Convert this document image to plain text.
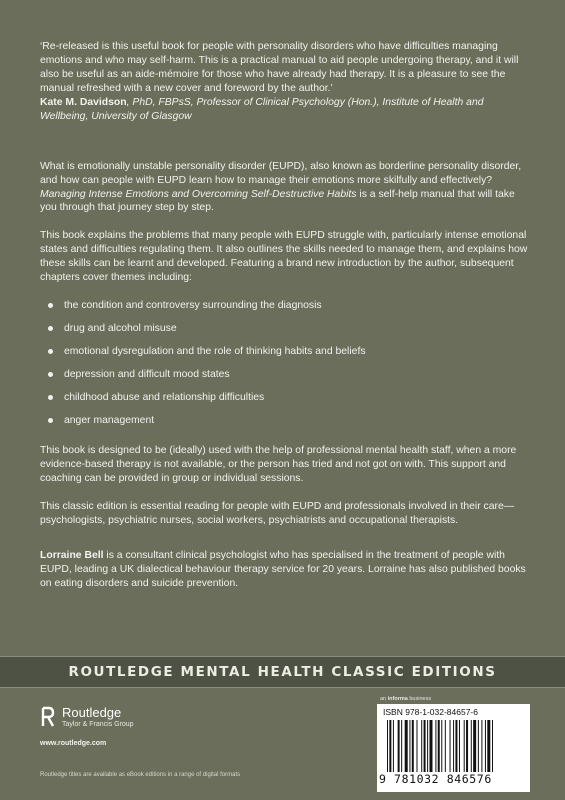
‘Re-released is this useful book for people with personality disorders who have difficulties managing emotions and who may self-harm. This is a practical manual to aid people undergoing therapy, and it will also be useful as an aide-mémoire for those who have already had therapy. It is a pleasure to see the manual refreshed with a new cover and foreword by the author.’

Kate M. Davidson, PhD, FBPsS, Professor of Clinical Psychology (Hon.), Institute of Health and Wellbeing, University of Glasgow

What is emotionally unstable personality disorder (EUPD), also known as borderline personality disorder, and how can people with EUPD learn how to manage their emotions more skilfully and effectively? Managing Intense Emotions and Overcoming Self-Destructive Habits is a self-help manual that will take you through that journey step by step.

This book explains the problems that many people with EUPD struggle with, particularly intense emotional states and difficulties regulating them. It also outlines the skills needed to manage them, and explains how these skills can be learnt and developed. Featuring a brand new introduction by the author, subsequent chapters cover themes including:

the condition and controversy surrounding the diagnosis
drug and alcohol misuse
emotional dysregulation and the role of thinking habits and beliefs
depression and difficult mood states
childhood abuse and relationship difficulties
anger management

This book is designed to be (ideally) used with the help of professional mental health staff, when a more evidence-based therapy is not available, or the person has tried and not got on with. This support and coaching can be provided in group or individual sessions.

This classic edition is essential reading for people with EUPD and professionals involved in their care—psychologists, psychiatric nurses, social workers, psychiatrists and occupational therapists.

Lorraine Bell is a consultant clinical psychologist who has specialised in the treatment of people with EUPD, leading a UK dialectical behaviour therapy service for 20 years. Lorraine has also published books on eating disorders and suicide prevention.

ROUTLEDGE MENTAL HEALTH CLASSIC EDITIONS
Routledge
Taylor & Francis Group
www.routledge.com
Routledge titles are available as eBook editions in a range of digital formats
an informa business
ISBN 978-1-032-84657-6
9 781032 846576
